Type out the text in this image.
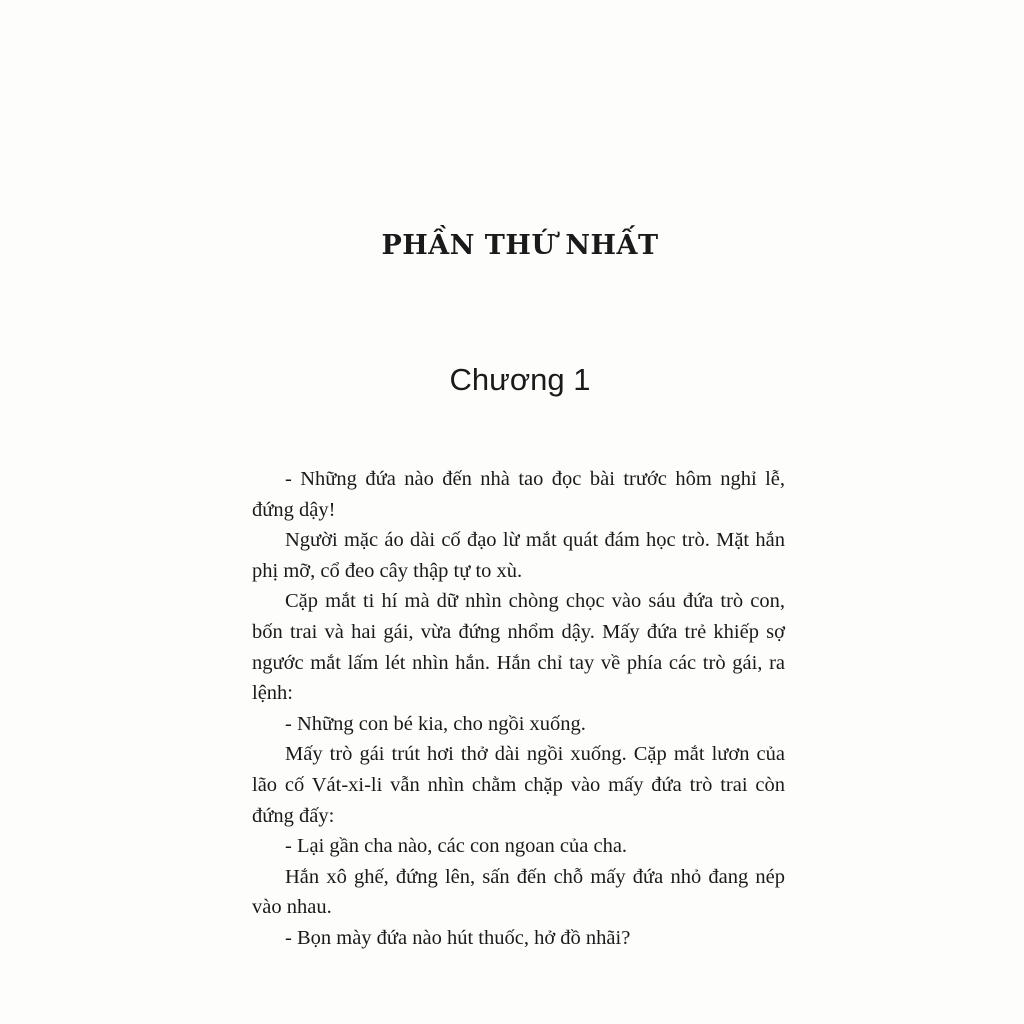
PHẦN THỨ NHẤT
Chương 1

- Những đứa nào đến nhà tao đọc bài trước hôm nghỉ lễ, đứng dậy!

Người mặc áo dài cố đạo lừ mắt quát đám học trò. Mặt hắn phị mỡ, cổ đeo cây thập tự to xù.

Cặp mắt ti hí mà dữ nhìn chòng chọc vào sáu đứa trò con, bốn trai và hai gái, vừa đứng nhổm dậy. Mấy đứa trẻ khiếp sợ ngước mắt lấm lét nhìn hắn. Hắn chỉ tay về phía các trò gái, ra lệnh:

- Những con bé kia, cho ngồi xuống.

Mấy trò gái trút hơi thở dài ngồi xuống. Cặp mắt lươn của lão cố Vát-xi-li vẫn nhìn chằm chặp vào mấy đứa trò trai còn đứng đấy:

- Lại gần cha nào, các con ngoan của cha.

Hắn xô ghế, đứng lên, sấn đến chỗ mấy đứa nhỏ đang nép vào nhau.

- Bọn mày đứa nào hút thuốc, hở đồ nhãi?
